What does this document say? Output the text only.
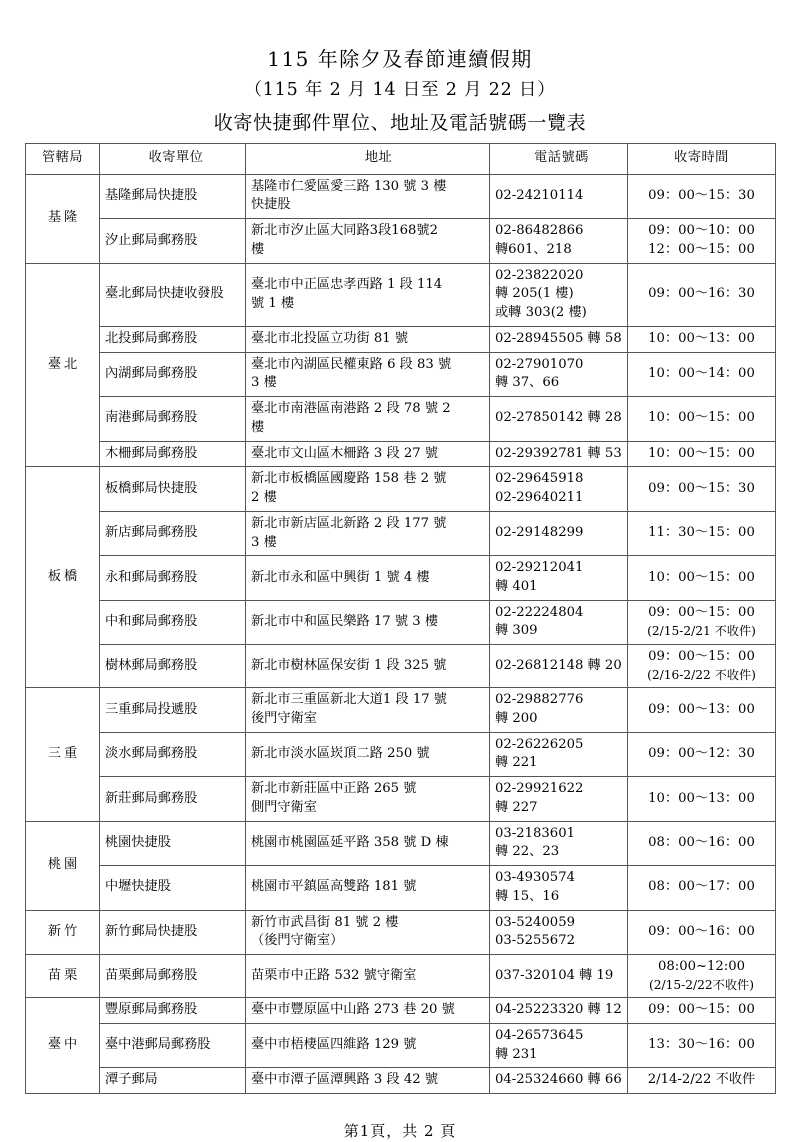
115 年除夕及春節連續假期
（115 年 2 月 14 日至 2 月 22 日）
收寄快捷郵件單位、地址及電話號碼一覽表
管轄局	收寄單位	地址	電話號碼	收寄時間
基隆	基隆郵局快捷股	基隆市仁愛區愛三路 130 號 3 樓
快捷股	02-24210114	09：00～15：30

	汐止郵局郵務股	新北市汐止區大同路3段168號2
樓	02-86482866
轉601、218	09：00～10：00
12：00～15：00

臺北	臺北郵局快捷收發股	臺北市中正區忠孝西路 1 段 114
號 1 樓	02-23822020
轉 205(1 樓)
或轉 303(2 樓)	09：00～16：30

	北投郵局郵務股	臺北市北投區立功街 81 號	02-28945505 轉 58	10：00～13：00

	內湖郵局郵務股	臺北市內湖區民權東路 6 段 83 號
3 樓	02-27901070
轉 37、66	10：00～14：00

	南港郵局郵務股	臺北市南港區南港路 2 段 78 號 2
樓	02-27850142 轉 28	10：00～15：00

	木柵郵局郵務股	臺北市文山區木柵路 3 段 27 號	02-29392781 轉 53	10：00～15：00

板橋	板橋郵局快捷股	新北市板橋區國慶路 158 巷 2 號
2 樓	02-29645918
02-29640211	09：00～15：30

	新店郵局郵務股	新北市新店區北新路 2 段 177 號
3 樓	02-29148299	11：30～15：00

	永和郵局郵務股	新北市永和區中興街 1 號 4 樓	02-29212041
轉 401	10：00～15：00

	中和郵局郵務股	新北市中和區民樂路 17 號 3 樓	02-22224804
轉 309	09：00～15：00
(2/15-2/21 不收件)

	樹林郵局郵務股	新北市樹林區保安街 1 段 325 號	02-26812148 轉 20	09：00～15：00
(2/16-2/22 不收件)

三重	三重郵局投遞股	新北市三重區新北大道1 段 17 號
後門守衛室	02-29882776
轉 200	09：00～13：00

	淡水郵局郵務股	新北市淡水區崁頂二路 250 號	02-26226205
轉 221	09：00～12：30

	新莊郵局郵務股	新北市新莊區中正路 265 號
側門守衛室	02-29921622
轉 227	10：00～13：00

桃園	桃園快捷股	桃園市桃園區延平路 358 號 D 棟	03-2183601
轉 22、23	08：00～16：00

	中壢快捷股	桃園市平鎮區高雙路 181 號	03-4930574
轉 15、16	08：00～17：00

新竹	新竹郵局快捷股	新竹市武昌街 81 號 2 樓
（後門守衛室）	03-5240059
03-5255672	09：00～16：00

苗栗	苗栗郵局郵務股	苗栗市中正路 532 號守衛室	037-320104 轉 19	08:00~12:00
(2/15-2/22不收件)

臺中	豐原郵局郵務股	臺中市豐原區中山路 273 巷 20 號	04-25223320 轉 12	09：00～15：00

	臺中港郵局郵務股	臺中市梧棲區四維路 129 號	04-26573645
轉 231	13：30～16：00

	潭子郵局	臺中市潭子區潭興路 3 段 42 號	04-25324660 轉 66	2/14-2/22 不收件
第1頁，共 2 頁
